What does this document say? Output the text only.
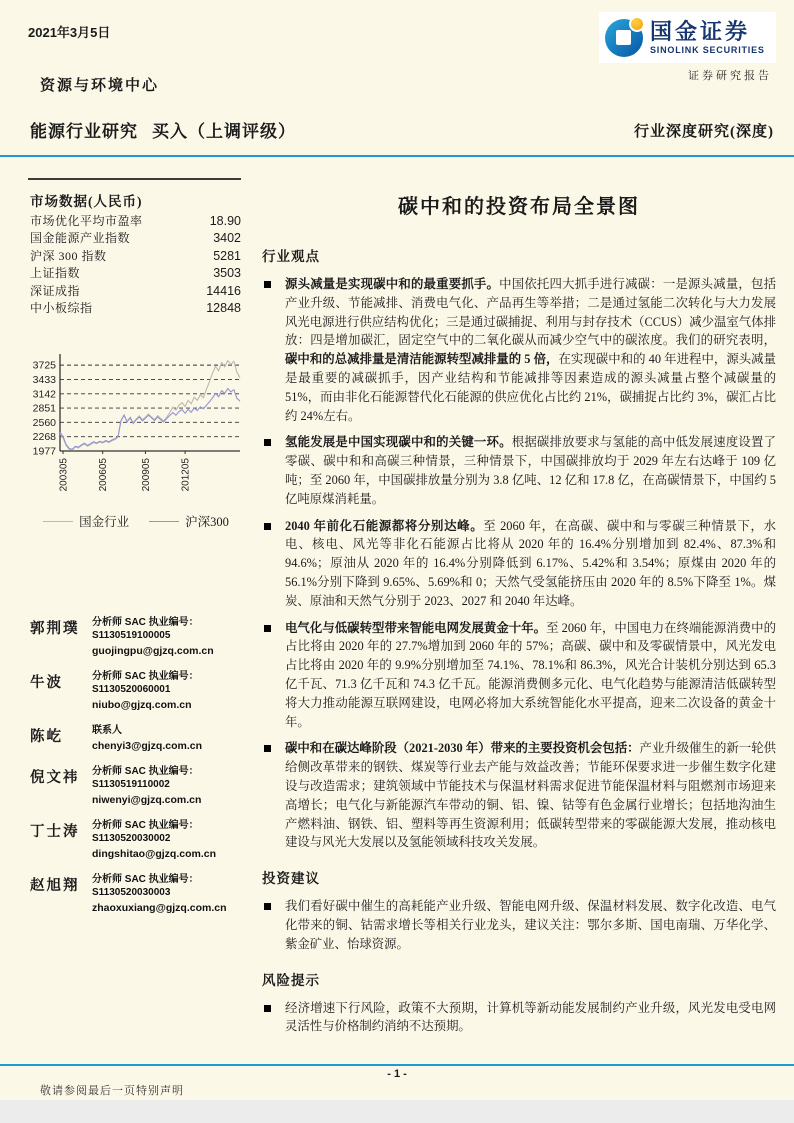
2021年3月5日	国金证券
SINOLINK SECURITIES
证券研究报告
资源与环境中心
能源行业研究 买入（上调评级）	行业深度研究(深度)
市场数据(人民币)
市场优化平均市盈率	18.90
国金能源产业指数	3402
沪深 300 指数	5281
上证指数	3503
深证成指	14416
中小板综指	12848
1977
2268
2560
2851
3142
3433
3725
200305	200605	200905	201205
国金行业	沪深300
郭荆璞	分析师 SAC 执业编号：S1130519100005
guojingpu@gjzq.com.cn
牛波	分析师 SAC 执业编号：S1130520060001
niubo@gjzq.com.cn
陈屹	联系人
chenyi3@gjzq.com.cn
倪文祎	分析师 SAC 执业编号：S1130519110002
niwenyi@gjzq.com.cn
丁士涛	分析师 SAC 执业编号：S1130520030002
dingshitao@gjzq.com.cn
赵旭翔	分析师 SAC 执业编号：S1130520030003
zhaoxuxiang@gjzq.com.cn
碳中和的投资布局全景图
行业观点
源头减量是实现碳中和的最重要抓手。中国依托四大抓手进行减碳：一是源头减量，包括产业升级、节能减排、消费电气化、产品再生等举措；二是通过氢能二次转化与大力发展风光电源进行供应结构优化；三是通过碳捕捉、利用与封存技术（CCUS）减少温室气体排放：四是增加碳汇，固定空气中的二氧化碳从而减少空气中的碳浓度。我们的研究表明，碳中和的总减排量是清洁能源转型减排量的 5 倍，在实现碳中和的 40 年进程中，源头减量是最重要的减碳抓手，因产业结构和节能减排等因素造成的源头减量占整个减碳量的 51%，而由非化石能源替代化石能源的供应优化占比约 21%，碳捕捉占比约 3%，碳汇占比约 24%左右。
氢能发展是中国实现碳中和的关键一环。根据碳排放要求与氢能的高中低发展速度设置了零碳、碳中和和高碳三种情景，三种情景下，中国碳排放均于 2029 年左右达峰于 109 亿吨；至 2060 年，中国碳排放量分别为 3.8 亿吨、12 亿和 17.8 亿，在高碳情景下，中国约 5 亿吨原煤消耗量。
2040 年前化石能源都将分别达峰。至 2060 年，在高碳、碳中和与零碳三种情景下，水电、核电、风光等非化石能源占比将从 2020 年的 16.4%分别增加到 82.4%、87.3%和 94.6%；原油从 2020 年的 16.4%分别降低到 6.17%、5.42%和 3.54%；原煤由 2020 年的 56.1%分别下降到 9.65%、5.69%和 0；天然气受氢能挤压由 2020 年的 8.5%下降至 1%。煤炭、原油和天然气分别于 2023、2027 和 2040 年达峰。
电气化与低碳转型带来智能电网发展黄金十年。至 2060 年，中国电力在终端能源消费中的占比将由 2020 年的 27.7%增加到 2060 年的 57%；高碳、碳中和及零碳情景中，风光发电占比将由 2020 年的 9.9%分别增加至 74.1%、78.1%和 86.3%，风光合计装机分别达到 65.3 亿千瓦、71.3 亿千瓦和 74.3 亿千瓦。能源消费侧多元化、电气化趋势与能源清洁低碳转型将大力推动能源互联网建设，电网必将加大系统智能化水平提高，迎来二次设备的黄金十年。
碳中和在碳达峰阶段（2021-2030 年）带来的主要投资机会包括：产业升级催生的新一轮供给侧改革带来的钢铁、煤炭等行业去产能与效益改善；节能环保要求进一步催生数字化建设与改造需求；建筑领域中节能技术与保温材料需求促进节能保温材料与阻燃剂市场迎来高增长；电气化与新能源汽车带动的铜、铝、镍、钴等有色金属行业增长；包括地沟油生产燃料油、钢铁、铝、塑料等再生资源利用；低碳转型带来的零碳能源大发展，推动核电建设与风光大发展以及氢能领域科技攻关发展。
投资建议
我们看好碳中催生的高耗能产业升级、智能电网升级、保温材料发展、数字化改造、电气化带来的铜、钴需求增长等相关行业龙头，建议关注：鄂尔多斯、国电南瑞、万华化学、紫金矿业、怡球资源。
风险提示
经济增速下行风险，政策不大预期，计算机等新动能发展制约产业升级，风光发电受电网灵活性与价格制约消纳不达预期。
- 1 -
敬请参阅最后一页特别声明
